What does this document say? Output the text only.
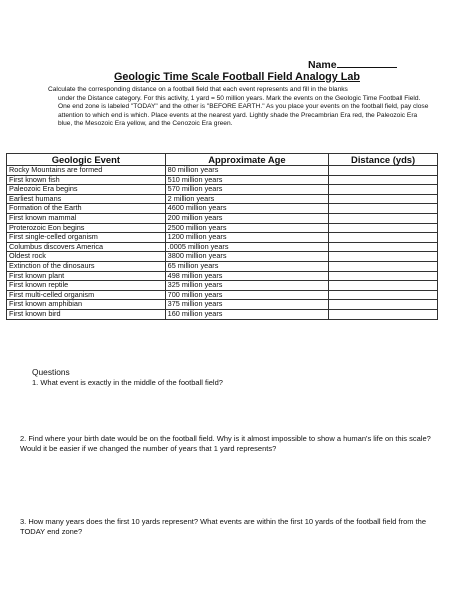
Name
Geologic Time Scale Football Field Analogy Lab

Calculate the corresponding distance on a football field that each event represents and fill in the blanks
under the Distance category. For this activity, 1 yard = 50 million years. Mark the events on the Geologic Time Football Field. One end zone is labeled "TODAY" and the other is "BEFORE EARTH." As you place your events on the football field, pay close attention to which end is which. Place events at the nearest yard. Lightly shade the Precambrian Era red, the Paleozoic Era blue, the Mesozoic Era yellow, and the Cenozoic Era green.

Geologic Event	Approximate Age	Distance (yds)
Rocky Mountains are formed	80 million years	
First known fish	510 million years	
Paleozoic Era begins	570 million years	
Earliest humans	2 million years	
Formation of the Earth	4600 million years	
First known mammal	200 million years	
Proterozoic Eon begins	2500 million years	
First single-celled organism	1200 million years	
Columbus discovers America	.0005 million years	
Oldest rock	3800 million years	
Extinction of the dinosaurs	65 million years	
First known plant	498 million years	
First known reptile	325 million years	
First multi-celled organism	700 million years	
First known amphibian	375 million years	
First known bird	160 million years	
Questions

1. What event is exactly in the middle of the football field?

2. Find where your birth date would be on the football field. Why is it almost impossible to show a human's life on this scale? Would it be easier if we changed the number of years that 1 yard represents?

3. How many years does the first 10 yards represent? What events are within the first 10 yards of the football field from the TODAY end zone?
